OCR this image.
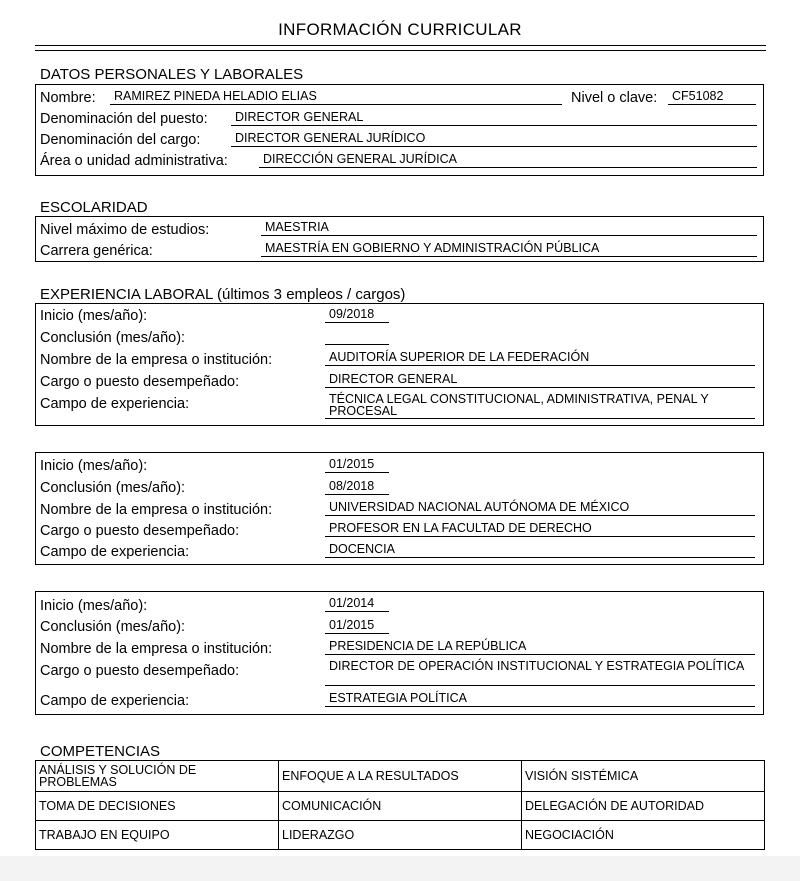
INFORMACIÓN CURRICULAR
DATOS PERSONALES Y LABORALES
Nombre:	RAMIREZ PINEDA HELADIO ELIAS	Nivel o clave:	CF51082
Denominación del puesto:	DIRECTOR GENERAL
Denominación del cargo:	DIRECTOR GENERAL JURÍDICO
Área o unidad administrativa:	DIRECCIÓN GENERAL JURÍDICA
ESCOLARIDAD
Nivel máximo de estudios:	MAESTRIA
Carrera genérica:	MAESTRÍA EN GOBIERNO Y ADMINISTRACIÓN PÚBLICA
EXPERIENCIA LABORAL (últimos 3 empleos / cargos)
Inicio (mes/año):	09/2018
Conclusión (mes/año):
Nombre de la empresa o institución:	AUDITORÍA SUPERIOR DE LA FEDERACIÓN
Cargo o puesto desempeñado:	DIRECTOR GENERAL
Campo de experiencia:	TÉCNICA LEGAL CONSTITUCIONAL, ADMINISTRATIVA, PENAL Y PROCESAL
Inicio (mes/año):	01/2015
Conclusión (mes/año):	08/2018
Nombre de la empresa o institución:	UNIVERSIDAD NACIONAL AUTÓNOMA DE MÉXICO
Cargo o puesto desempeñado:	PROFESOR EN LA FACULTAD DE DERECHO
Campo de experiencia:	DOCENCIA
Inicio (mes/año):	01/2014
Conclusión (mes/año):	01/2015
Nombre de la empresa o institución:	PRESIDENCIA DE LA REPÚBLICA
Cargo o puesto desempeñado:	DIRECTOR DE OPERACIÓN INSTITUCIONAL Y ESTRATEGIA POLÍTICA
Campo de experiencia:	ESTRATEGIA POLÍTICA
COMPETENCIAS
ANÁLISIS Y SOLUCIÓN DE PROBLEMAS	ENFOQUE A LA RESULTADOS	VISIÓN SISTÉMICA
TOMA DE DECISIONES	COMUNICACIÓN	DELEGACIÓN DE AUTORIDAD
TRABAJO EN EQUIPO	LIDERAZGO	NEGOCIACIÓN
